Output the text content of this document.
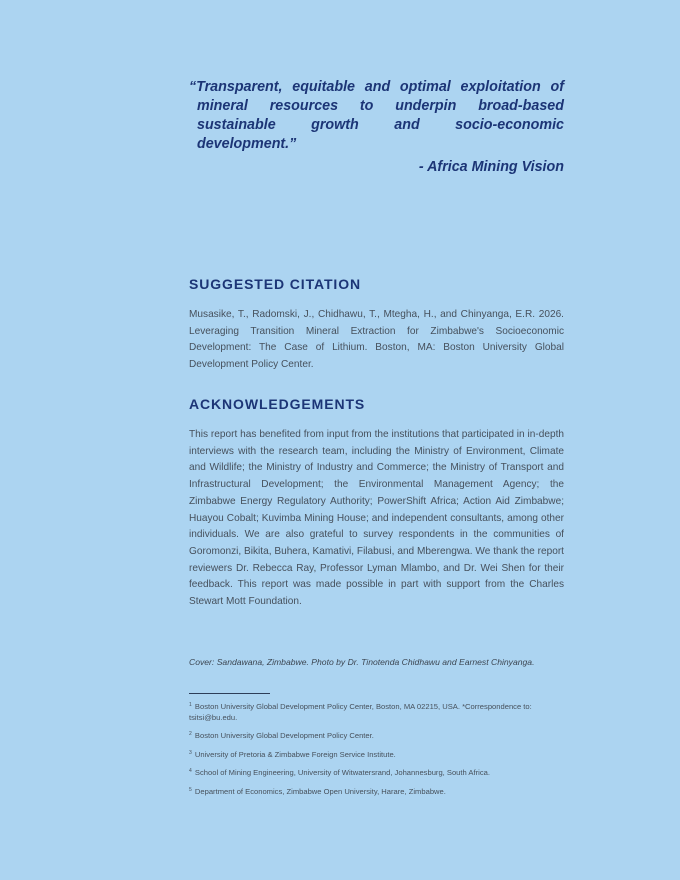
“Transparent, equitable and optimal exploitation of mineral resources to underpin broad-based sustainable growth and socio-economic development.”

- Africa Mining Vision
SUGGESTED CITATION
Musasike, T., Radomski, J., Chidhawu, T., Mtegha, H., and Chinyanga, E.R. 2026. Leveraging Transition Mineral Extraction for Zimbabwe's Socioeconomic Development: The Case of Lithium. Boston, MA: Boston University Global Development Policy Center.
ACKNOWLEDGEMENTS
This report has benefited from input from the institutions that participated in in-depth interviews with the research team, including the Ministry of Environment, Climate and Wildlife; the Ministry of Industry and Commerce; the Ministry of Transport and Infrastructural Development; the Environmental Management Agency; the Zimbabwe Energy Regulatory Authority; PowerShift Africa; Action Aid Zimbabwe; Huayou Cobalt; Kuvimba Mining House; and independent consultants, among other individuals. We are also grateful to survey respondents in the communities of Goromonzi, Bikita, Buhera, Kamativi, Filabusi, and Mberengwa. We thank the report reviewers Dr. Rebecca Ray, Professor Lyman Mlambo, and Dr. Wei Shen for their feedback. This report was made possible in part with support from the Charles Stewart Mott Foundation.
Cover: Sandawana, Zimbabwe. Photo by Dr. Tinotenda Chidhawu and Earnest Chinyanga.
$^1$ Boston University Global Development Policy Center, Boston, MA 02215, USA. *Correspondence to: tsitsi@bu.edu.
$^2$ Boston University Global Development Policy Center.
$^3$ University of Pretoria & Zimbabwe Foreign Service Institute.
$^4$ School of Mining Engineering, University of Witwatersrand, Johannesburg, South Africa.
$^5$ Department of Economics, Zimbabwe Open University, Harare, Zimbabwe.
